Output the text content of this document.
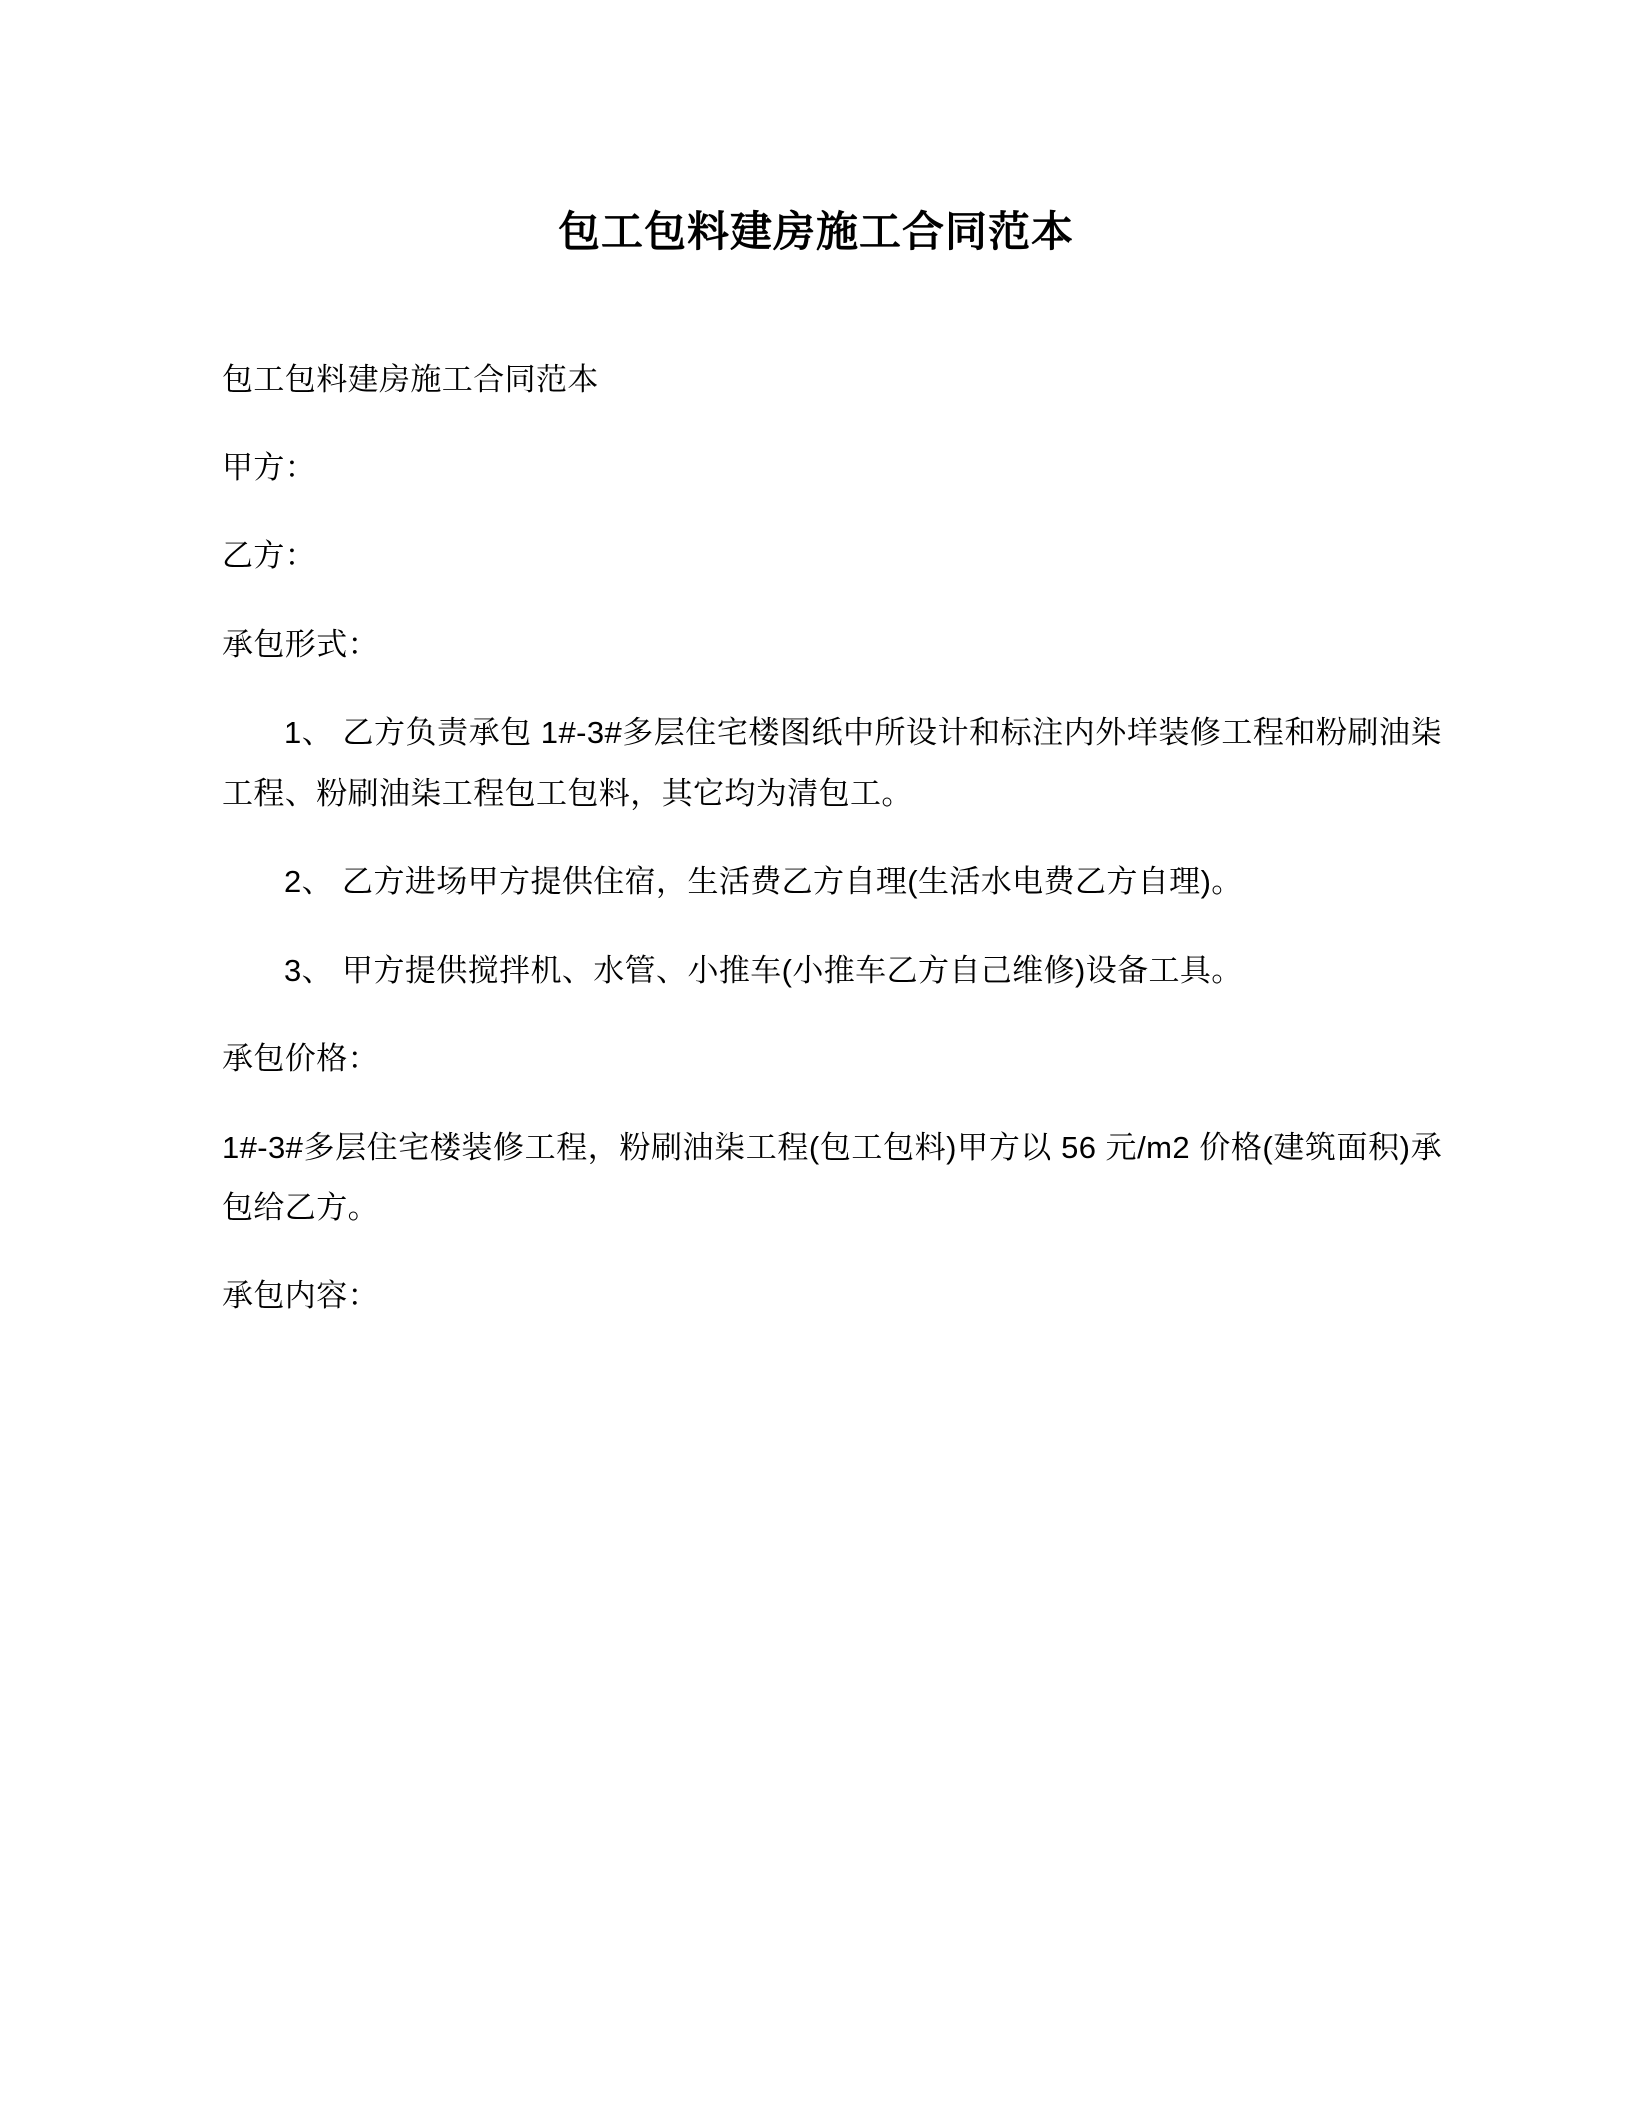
包工包料建房施工合同范本

包工包料建房施工合同范本

甲方：

乙方：

承包形式：

1、 乙方负责承包 1#-3#多层住宅楼图纸中所设计和标注内外垟装修工程和粉刷油柒工程、粉刷油柒工程包工包料，其它均为清包工。

2、 乙方进场甲方提供住宿，生活费乙方自理(生活水电费乙方自理)。

3、 甲方提供搅拌机、水管、小推车(小推车乙方自己维修)设备工具。

承包价格：

1#-3#多层住宅楼装修工程，粉刷油柒工程(包工包料)甲方以 56 元/m2 价格(建筑面积)承包给乙方。

承包内容：
